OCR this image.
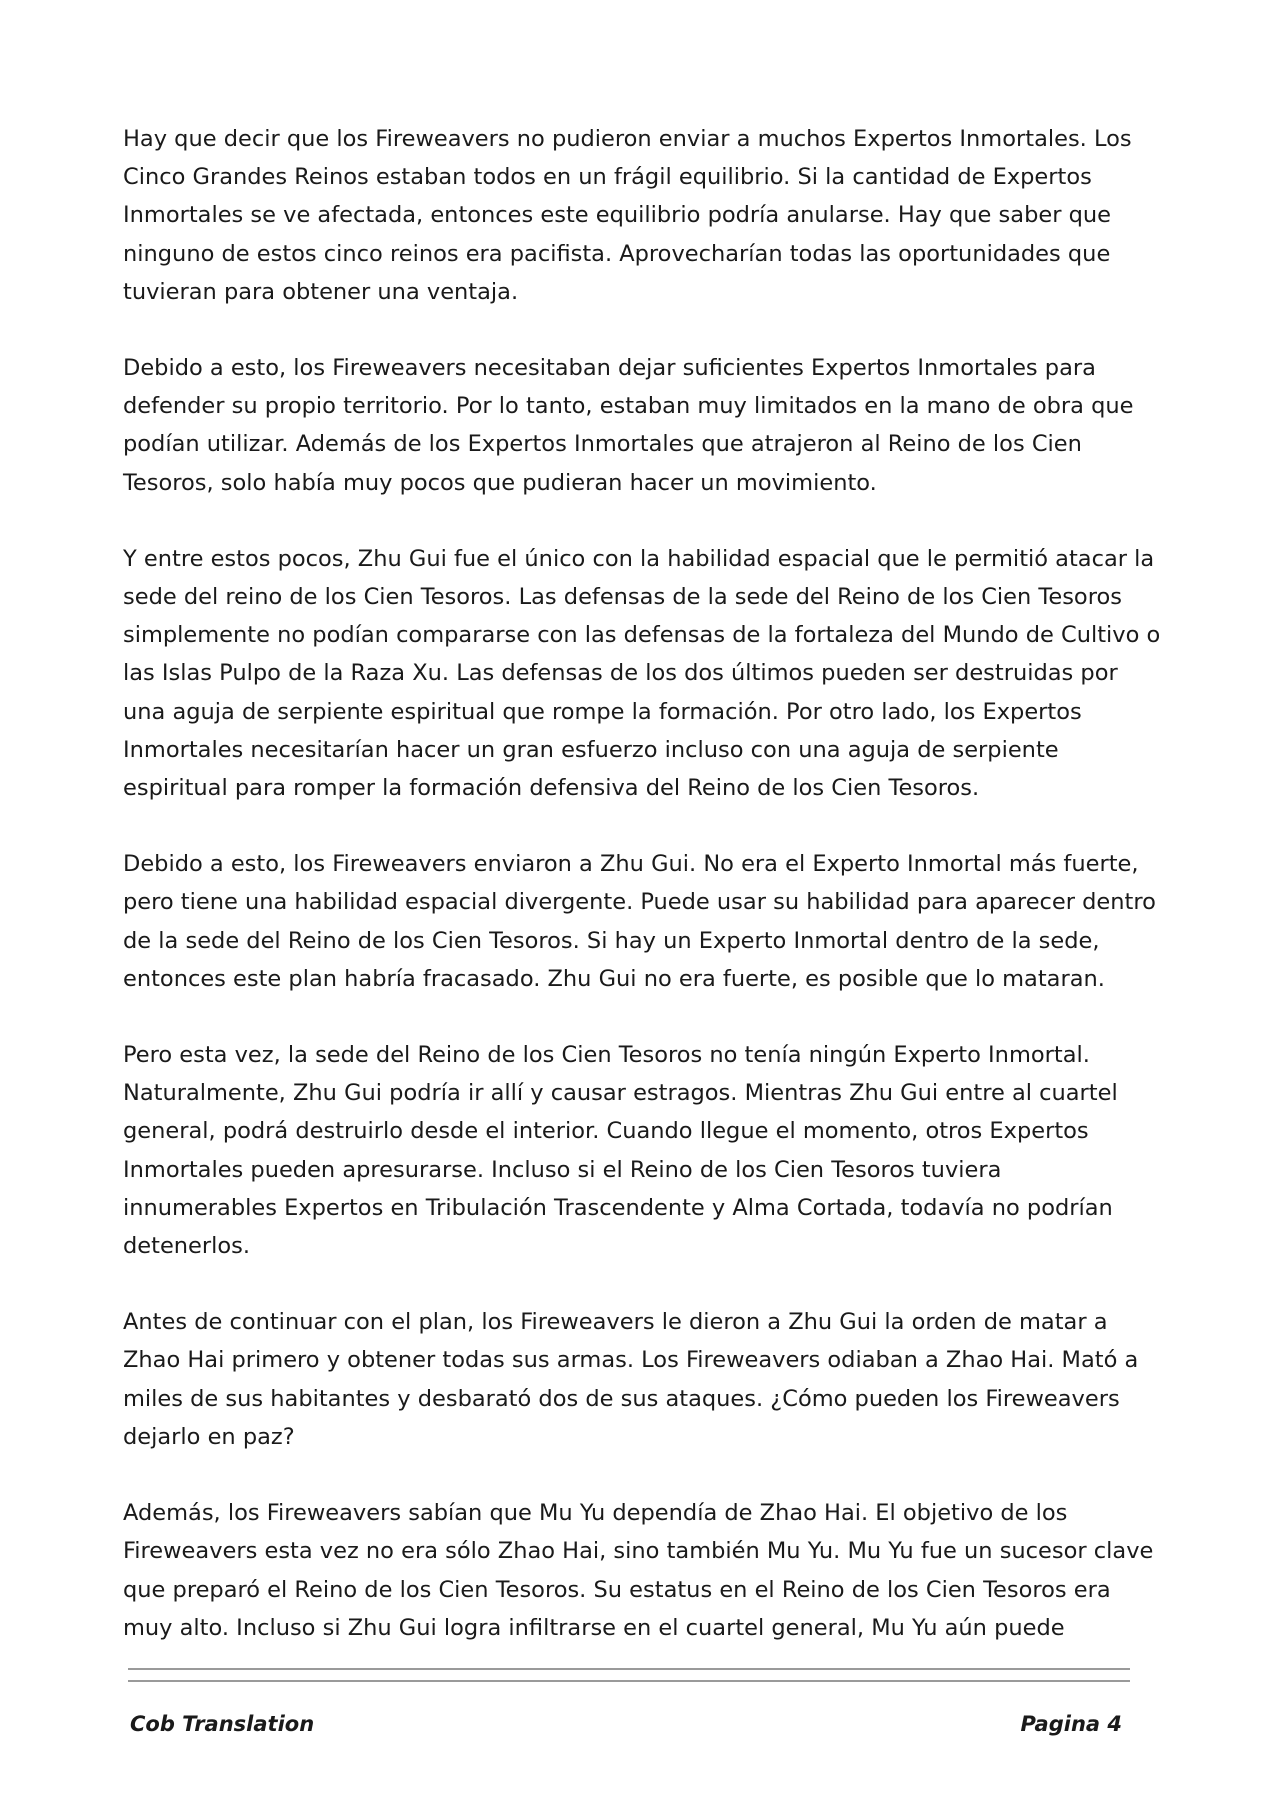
Hay que decir que los Fireweavers no pudieron enviar a muchos Expertos Inmortales. Los
Cinco Grandes Reinos estaban todos en un frágil equilibrio. Si la cantidad de Expertos
Inmortales se ve afectada, entonces este equilibrio podría anularse. Hay que saber que
ninguno de estos cinco reinos era pacifista. Aprovecharían todas las oportunidades que
tuvieran para obtener una ventaja.

Debido a esto, los Fireweavers necesitaban dejar suficientes Expertos Inmortales para
defender su propio territorio. Por lo tanto, estaban muy limitados en la mano de obra que
podían utilizar. Además de los Expertos Inmortales que atrajeron al Reino de los Cien
Tesoros, solo había muy pocos que pudieran hacer un movimiento.

Y entre estos pocos, Zhu Gui fue el único con la habilidad espacial que le permitió atacar la
sede del reino de los Cien Tesoros. Las defensas de la sede del Reino de los Cien Tesoros
simplemente no podían compararse con las defensas de la fortaleza del Mundo de Cultivo o
las Islas Pulpo de la Raza Xu. Las defensas de los dos últimos pueden ser destruidas por
una aguja de serpiente espiritual que rompe la formación. Por otro lado, los Expertos
Inmortales necesitarían hacer un gran esfuerzo incluso con una aguja de serpiente
espiritual para romper la formación defensiva del Reino de los Cien Tesoros.

Debido a esto, los Fireweavers enviaron a Zhu Gui. No era el Experto Inmortal más fuerte,
pero tiene una habilidad espacial divergente. Puede usar su habilidad para aparecer dentro
de la sede del Reino de los Cien Tesoros. Si hay un Experto Inmortal dentro de la sede,
entonces este plan habría fracasado. Zhu Gui no era fuerte, es posible que lo mataran.

Pero esta vez, la sede del Reino de los Cien Tesoros no tenía ningún Experto Inmortal.
Naturalmente, Zhu Gui podría ir allí y causar estragos. Mientras Zhu Gui entre al cuartel
general, podrá destruirlo desde el interior. Cuando llegue el momento, otros Expertos
Inmortales pueden apresurarse. Incluso si el Reino de los Cien Tesoros tuviera
innumerables Expertos en Tribulación Trascendente y Alma Cortada, todavía no podrían
detenerlos.

Antes de continuar con el plan, los Fireweavers le dieron a Zhu Gui la orden de matar a
Zhao Hai primero y obtener todas sus armas. Los Fireweavers odiaban a Zhao Hai. Mató a
miles de sus habitantes y desbarató dos de sus ataques. ¿Cómo pueden los Fireweavers
dejarlo en paz?

Además, los Fireweavers sabían que Mu Yu dependía de Zhao Hai. El objetivo de los
Fireweavers esta vez no era sólo Zhao Hai, sino también Mu Yu. Mu Yu fue un sucesor clave
que preparó el Reino de los Cien Tesoros. Su estatus en el Reino de los Cien Tesoros era
muy alto. Incluso si Zhu Gui logra infiltrarse en el cuartel general, Mu Yu aún puede

Cob Translation	Pagina 4
